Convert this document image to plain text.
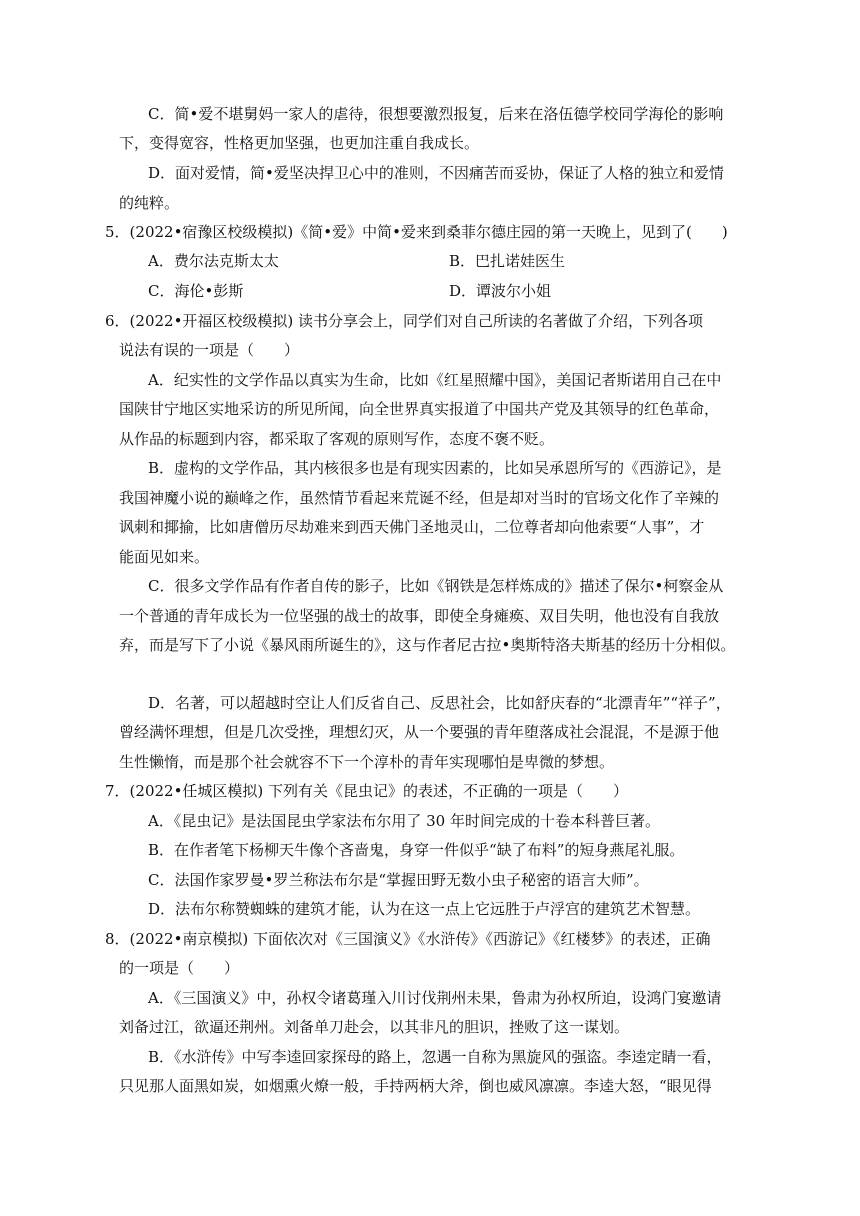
C．简•爱不堪舅妈一家人的虐待，很想要激烈报复，后来在洛伍德学校同学海伦的影响
下，变得宽容，性格更加坚强，也更加注重自我成长。
D．面对爱情，简•爱坚决捍卫心中的准则，不因痛苦而妥协，保证了人格的独立和爱情
的纯粹。
5．(2022•宿豫区校级模拟)《简•爱》中简•爱来到桑菲尔德庄园的第一天晚上，见到了(　　)
A．费尔法克斯太太	B．巴扎诺娃医生
C．海伦•彭斯	D．谭波尔小姐
6．(2022•开福区校级模拟) 读书分享会上，同学们对自己所读的名著做了介绍，下列各项
说法有误的一项是（　　）
A．纪实性的文学作品以真实为生命，比如《红星照耀中国》，美国记者斯诺用自己在中
国陕甘宁地区实地采访的所见所闻，向全世界真实报道了中国共产党及其领导的红色革命，
从作品的标题到内容，都采取了客观的原则写作，态度不褒不贬。
B．虚构的文学作品，其内核很多也是有现实因素的，比如吴承恩所写的《西游记》，是
我国神魔小说的巅峰之作，虽然情节看起来荒诞不经，但是却对当时的官场文化作了辛辣的
讽刺和揶揄，比如唐僧历尽劫难来到西天佛门圣地灵山，二位尊者却向他索要“人事”，才
能面见如来。
C．很多文学作品有作者自传的影子，比如《钢铁是怎样炼成的》描述了保尔•柯察金从
一个普通的青年成长为一位坚强的战士的故事，即使全身瘫痪、双目失明，他也没有自我放
弃，而是写下了小说《暴风雨所诞生的》，这与作者尼古拉•奥斯特洛夫斯基的经历十分相似。
D．名著，可以超越时空让人们反省自己、反思社会，比如舒庆春的“北漂青年”“祥子”，
曾经满怀理想，但是几次受挫，理想幻灭，从一个要强的青年堕落成社会混混，不是源于他
生性懒惰，而是那个社会就容不下一个淳朴的青年实现哪怕是卑微的梦想。
7．(2022•任城区模拟) 下列有关《昆虫记》的表述，不正确的一项是（　　）
A．《昆虫记》是法国昆虫学家法布尔用了 30 年时间完成的十卷本科普巨著。
B．在作者笔下杨柳天牛像个吝啬鬼，身穿一件似乎“缺了布料”的短身燕尾礼服。
C．法国作家罗曼•罗兰称法布尔是“掌握田野无数小虫子秘密的语言大师”。
D．法布尔称赞蜘蛛的建筑才能，认为在这一点上它远胜于卢浮宫的建筑艺术智慧。
8．(2022•南京模拟) 下面依次对《三国演义》《水浒传》《西游记》《红楼梦》的表述，正确
的一项是（　　）
A．《三国演义》中，孙权令诸葛瑾入川讨伐荆州未果，鲁肃为孙权所迫，设鸿门宴邀请
刘备过江，欲逼还荆州。刘备单刀赴会，以其非凡的胆识，挫败了这一谋划。
B．《水浒传》中写李逵回家探母的路上，忽遇一自称为黑旋风的强盗。李逵定睛一看，
只见那人面黑如炭，如烟熏火燎一般，手持两柄大斧，倒也威风凛凛。李逵大怒，“眼见得
